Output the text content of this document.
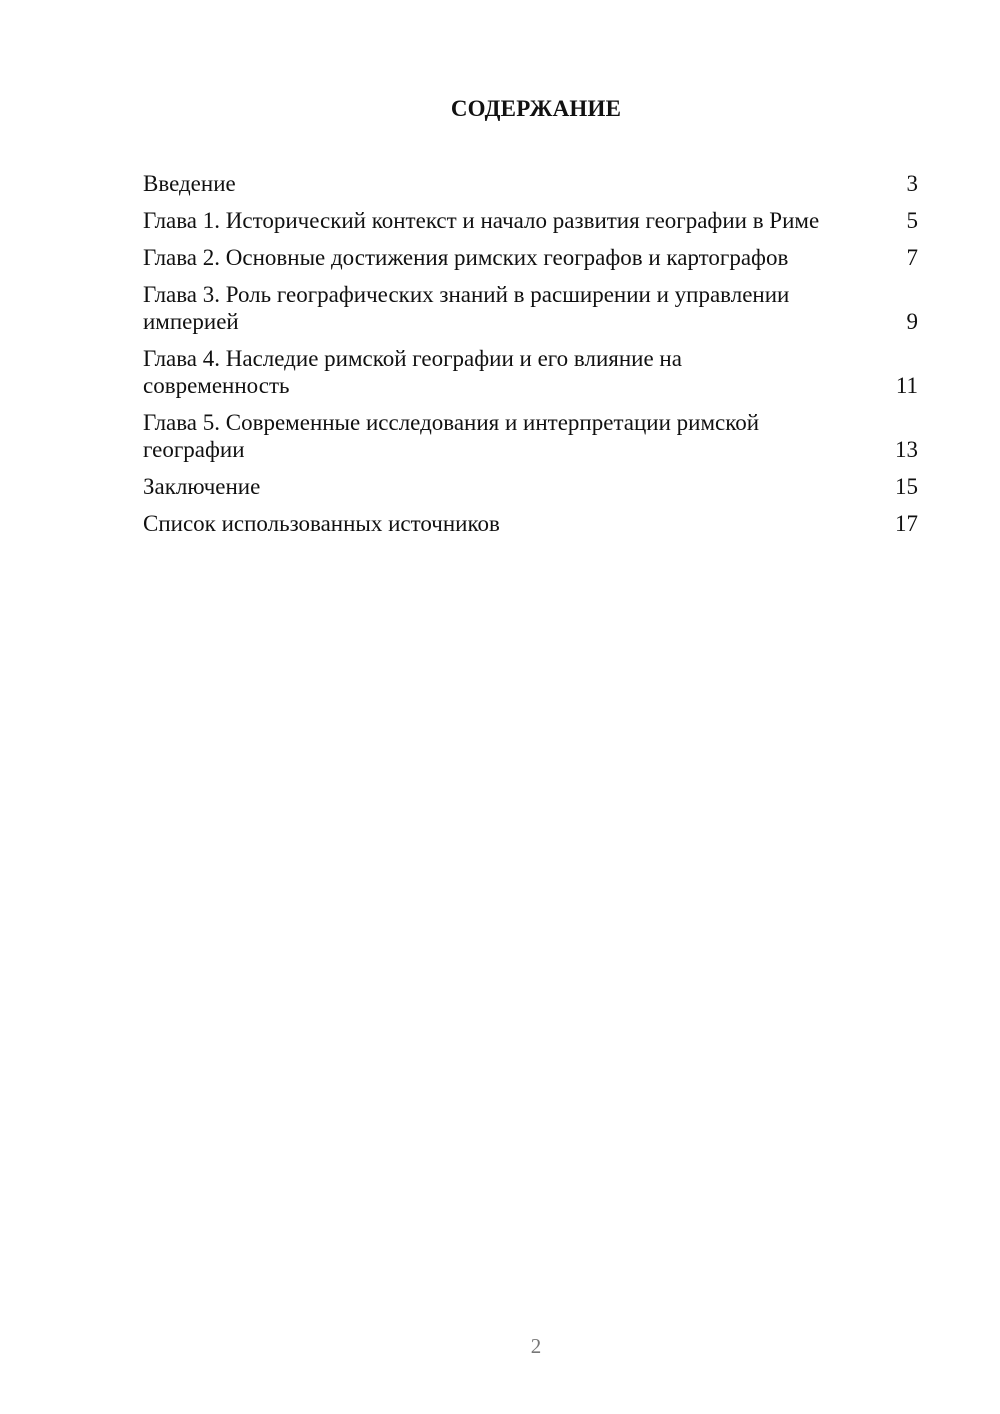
СОДЕРЖАНИЕ
Введение	3
Глава 1. Исторический контекст и начало развития географии в Риме	5
Глава 2. Основные достижения римских географов и картографов	7
Глава 3. Роль географических знаний в расширении и управлении империей	9
Глава 4. Наследие римской географии и его влияние на современность	11
Глава 5. Современные исследования и интерпретации римской географии	13
Заключение	15
Список использованных источников	17
2
